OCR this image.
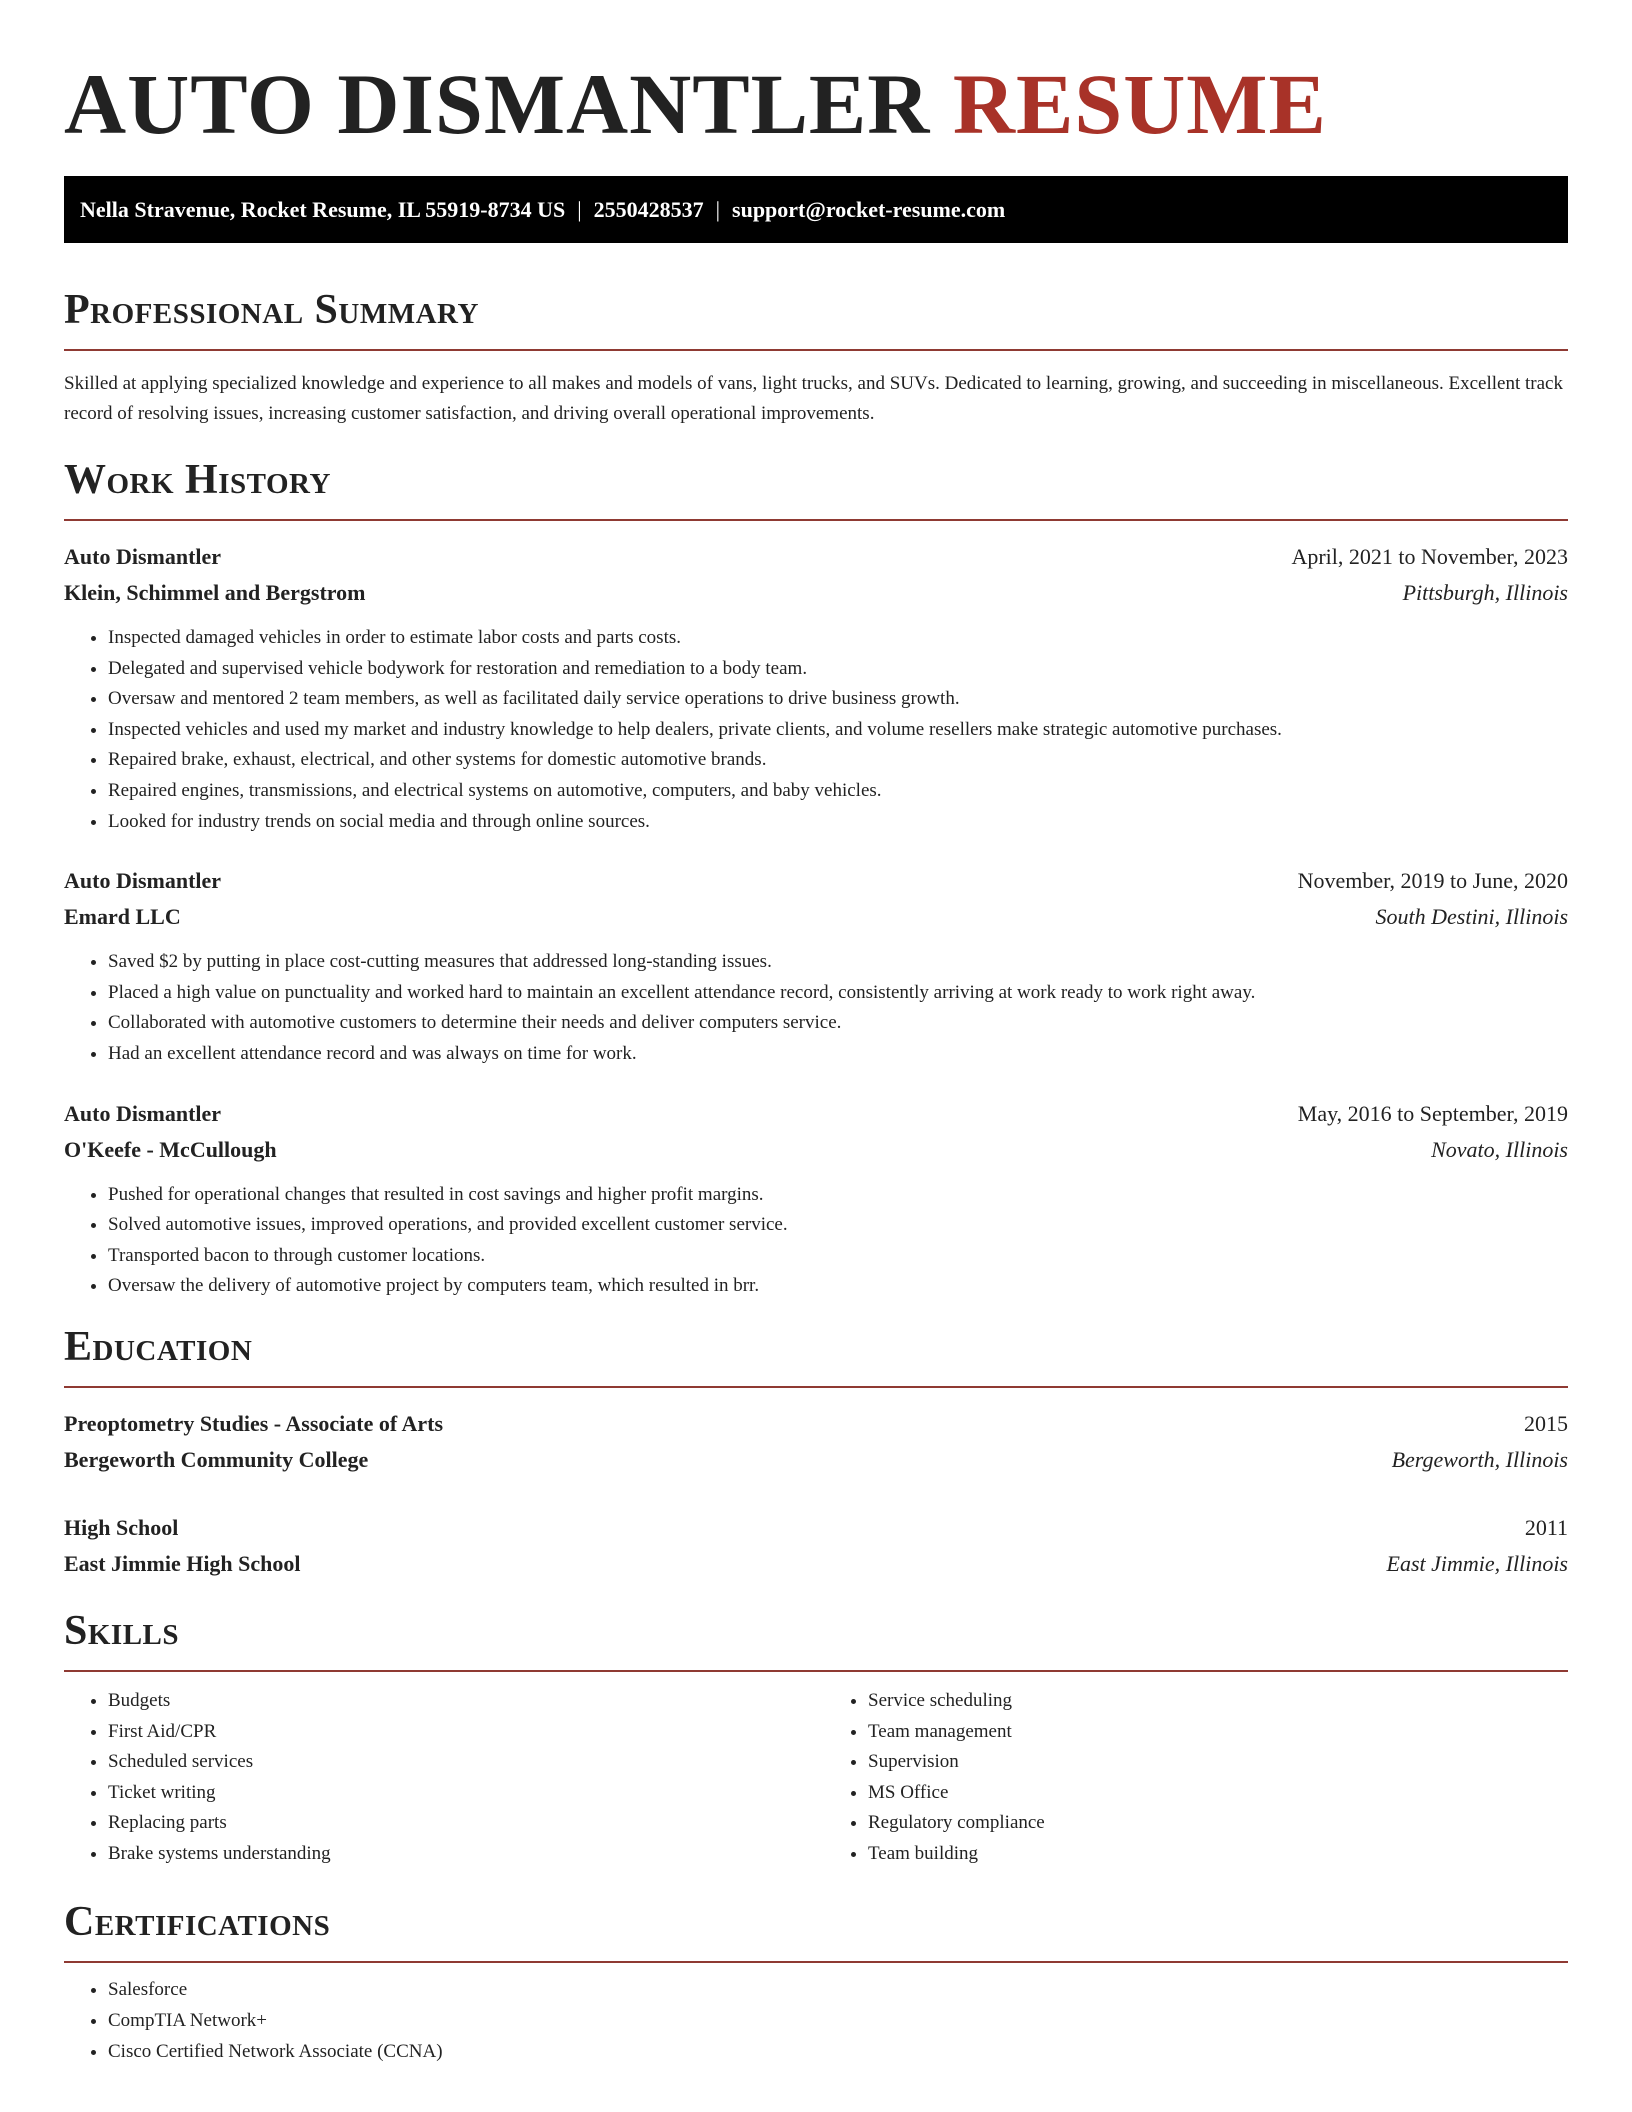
AUTO DISMANTLER RESUME
Nella Stravenue, Rocket Resume, IL 55919-8734 US | 2550428537 | support@rocket-resume.com
Professional Summary
Skilled at applying specialized knowledge and experience to all makes and models of vans, light trucks, and SUVs. Dedicated to learning, growing, and succeeding in miscellaneous. Excellent track record of resolving issues, increasing customer satisfaction, and driving overall operational improvements.
Work History
Auto Dismantler	April, 2021 to November, 2023
Klein, Schimmel and Bergstrom	Pittsburgh, Illinois
• Inspected damaged vehicles in order to estimate labor costs and parts costs.
• Delegated and supervised vehicle bodywork for restoration and remediation to a body team.
• Oversaw and mentored 2 team members, as well as facilitated daily service operations to drive business growth.
• Inspected vehicles and used my market and industry knowledge to help dealers, private clients, and volume resellers make strategic automotive purchases.
• Repaired brake, exhaust, electrical, and other systems for domestic automotive brands.
• Repaired engines, transmissions, and electrical systems on automotive, computers, and baby vehicles.
• Looked for industry trends on social media and through online sources.
Auto Dismantler	November, 2019 to June, 2020
Emard LLC	South Destini, Illinois
• Saved $2 by putting in place cost-cutting measures that addressed long-standing issues.
• Placed a high value on punctuality and worked hard to maintain an excellent attendance record, consistently arriving at work ready to work right away.
• Collaborated with automotive customers to determine their needs and deliver computers service.
• Had an excellent attendance record and was always on time for work.
Auto Dismantler	May, 2016 to September, 2019
O'Keefe - McCullough	Novato, Illinois
• Pushed for operational changes that resulted in cost savings and higher profit margins.
• Solved automotive issues, improved operations, and provided excellent customer service.
• Transported bacon to through customer locations.
• Oversaw the delivery of automotive project by computers team, which resulted in brr.
Education
Preoptometry Studies - Associate of Arts	2015
Bergeworth Community College	Bergeworth, Illinois
High School	2011
East Jimmie High School	East Jimmie, Illinois
Skills
• Budgets
• First Aid/CPR
• Scheduled services
• Ticket writing
• Replacing parts
• Brake systems understanding
• Service scheduling
• Team management
• Supervision
• MS Office
• Regulatory compliance
• Team building
Certifications
• Salesforce
• CompTIA Network+
• Cisco Certified Network Associate (CCNA)
